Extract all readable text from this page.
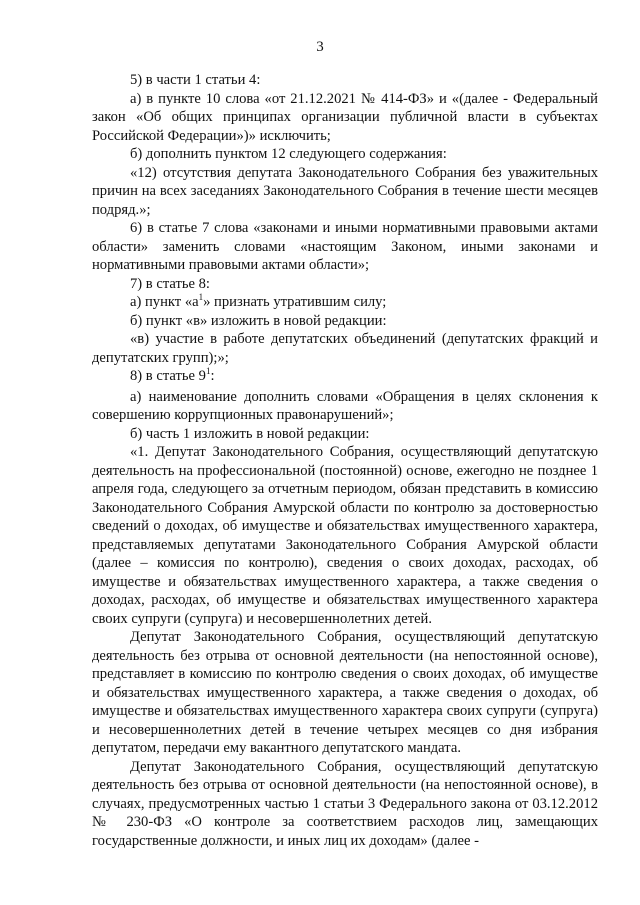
3

5) в части 1 статьи 4:

а) в пункте 10 слова «от 21.12.2021 № 414-ФЗ» и «(далее - Федеральный закон «Об общих принципах организации публичной власти в субъектах Российской Федерации»)» исключить;

б) дополнить пунктом 12 следующего содержания:

«12) отсутствия депутата Законодательного Собрания без уважительных причин на всех заседаниях Законодательного Собрания в течение шести месяцев подряд.»;

6) в статье 7 слова «законами и иными нормативными правовыми актами области» заменить словами «настоящим Законом, иными законами и нормативными правовыми актами области»;

7) в статье 8:

а) пункт «$а^1$» признать утратившим силу;

б) пункт «в» изложить в новой редакции:

«в) участие в работе депутатских объединений (депутатских фракций и депутатских групп);»;

8) в статье $9^1$:

а) наименование дополнить словами «Обращения в целях склонения к совершению коррупционных правонарушений»;

б) часть 1 изложить в новой редакции:

«1. Депутат Законодательного Собрания, осуществляющий депутатскую деятельность на профессиональной (постоянной) основе, ежегодно не позднее 1 апреля года, следующего за отчетным периодом, обязан представить в комиссию Законодательного Собрания Амурской области по контролю за достоверностью сведений о доходах, об имуществе и обязательствах имущественного характера, представляемых депутатами Законодательного Собрания Амурской области (далее – комиссия по контролю), сведения о своих доходах, расходах, об имуществе и обязательствах имущественного характера, а также сведения о доходах, расходах, об имуществе и обязательствах имущественного характера своих супруги (супруга) и несовершеннолетних детей.

Депутат Законодательного Собрания, осуществляющий депутатскую деятельность без отрыва от основной деятельности (на непостоянной основе), представляет в комиссию по контролю сведения о своих доходах, об имуществе и обязательствах имущественного характера, а также сведения о доходах, об имуществе и обязательствах имущественного характера своих супруги (супруга) и несовершеннолетних детей в течение четырех месяцев со дня избрания депутатом, передачи ему вакантного депутатского мандата.

Депутат Законодательного Собрания, осуществляющий депутатскую деятельность без отрыва от основной деятельности (на непостоянной основе), в случаях, предусмотренных частью 1 статьи 3 Федерального закона от 03.12.2012 № 230-ФЗ «О контроле за соответствием расходов лиц, замещающих государственные должности, и иных лиц их доходам» (далее -
